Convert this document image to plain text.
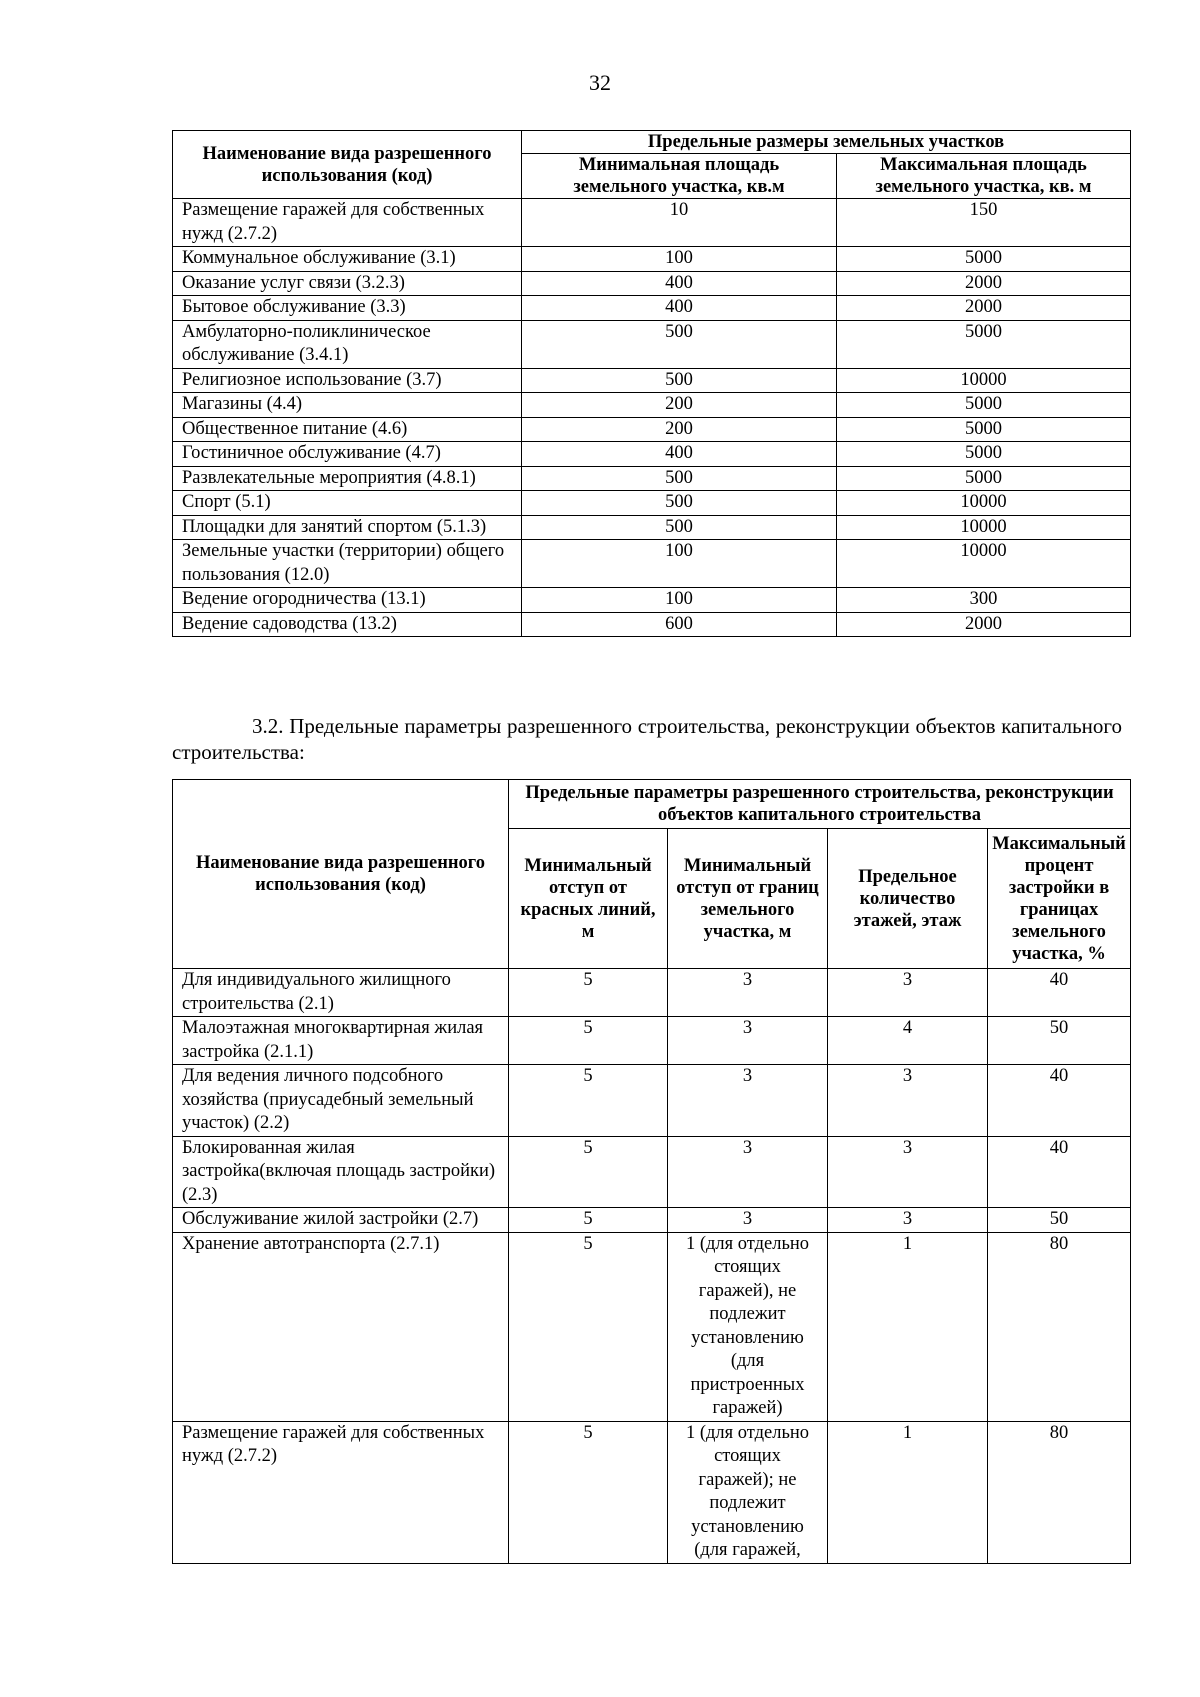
32
Наименование вида разрешенного использования (код)	Предельные размеры земельных участков	
	Минимальная площадь земельного участка, кв.м	Максимальная площадь земельного участка, кв. м
Размещение гаражей для собственных нужд (2.7.2)	10	150
Коммунальное обслуживание (3.1)	100	5000
Оказание услуг связи (3.2.3)	400	2000
Бытовое обслуживание (3.3)	400	2000
Амбулаторно-поликлиническое обслуживание (3.4.1)	500	5000
Религиозное использование (3.7)	500	10000
Магазины (4.4)	200	5000
Общественное питание (4.6)	200	5000
Гостиничное обслуживание (4.7)	400	5000
Развлекательные мероприятия (4.8.1)	500	5000
Спорт (5.1)	500	10000
Площадки для занятий спортом (5.1.3)	500	10000
Земельные участки (территории) общего пользования (12.0)	100	10000
Ведение огородничества (13.1)	100	300
Ведение садоводства (13.2)	600	2000
3.2. Предельные параметры разрешенного строительства, реконструкции объектов капитального строительства:
Наименование вида разрешенного использования (код)	Предельные параметры разрешенного строительства, реконструкции объектов капитального строительства			
	Минимальный отступ от красных линий, м	Минимальный отступ от границ земельного участка, м	Предельное количество этажей, этаж	Максимальный процент застройки в границах земельного участка, %
Для индивидуального жилищного строительства (2.1)	5	3	3	40
Малоэтажная многоквартирная жилая застройка (2.1.1)	5	3	4	50
Для ведения личного подсобного хозяйства (приусадебный земельный участок) (2.2)	5	3	3	40
Блокированная жилая застройка(включая площадь застройки) (2.3)	5	3	3	40
Обслуживание жилой застройки (2.7)	5	3	3	50
Хранение автотранспорта (2.7.1)	5	1 (для отдельно стоящих гаражей), не подлежит установлению (для пристроенных гаражей)	1	80
Размещение гаражей для собственных нужд (2.7.2)	5	1 (для отдельно стоящих гаражей); не подлежит установлению (для гаражей,	1	80
